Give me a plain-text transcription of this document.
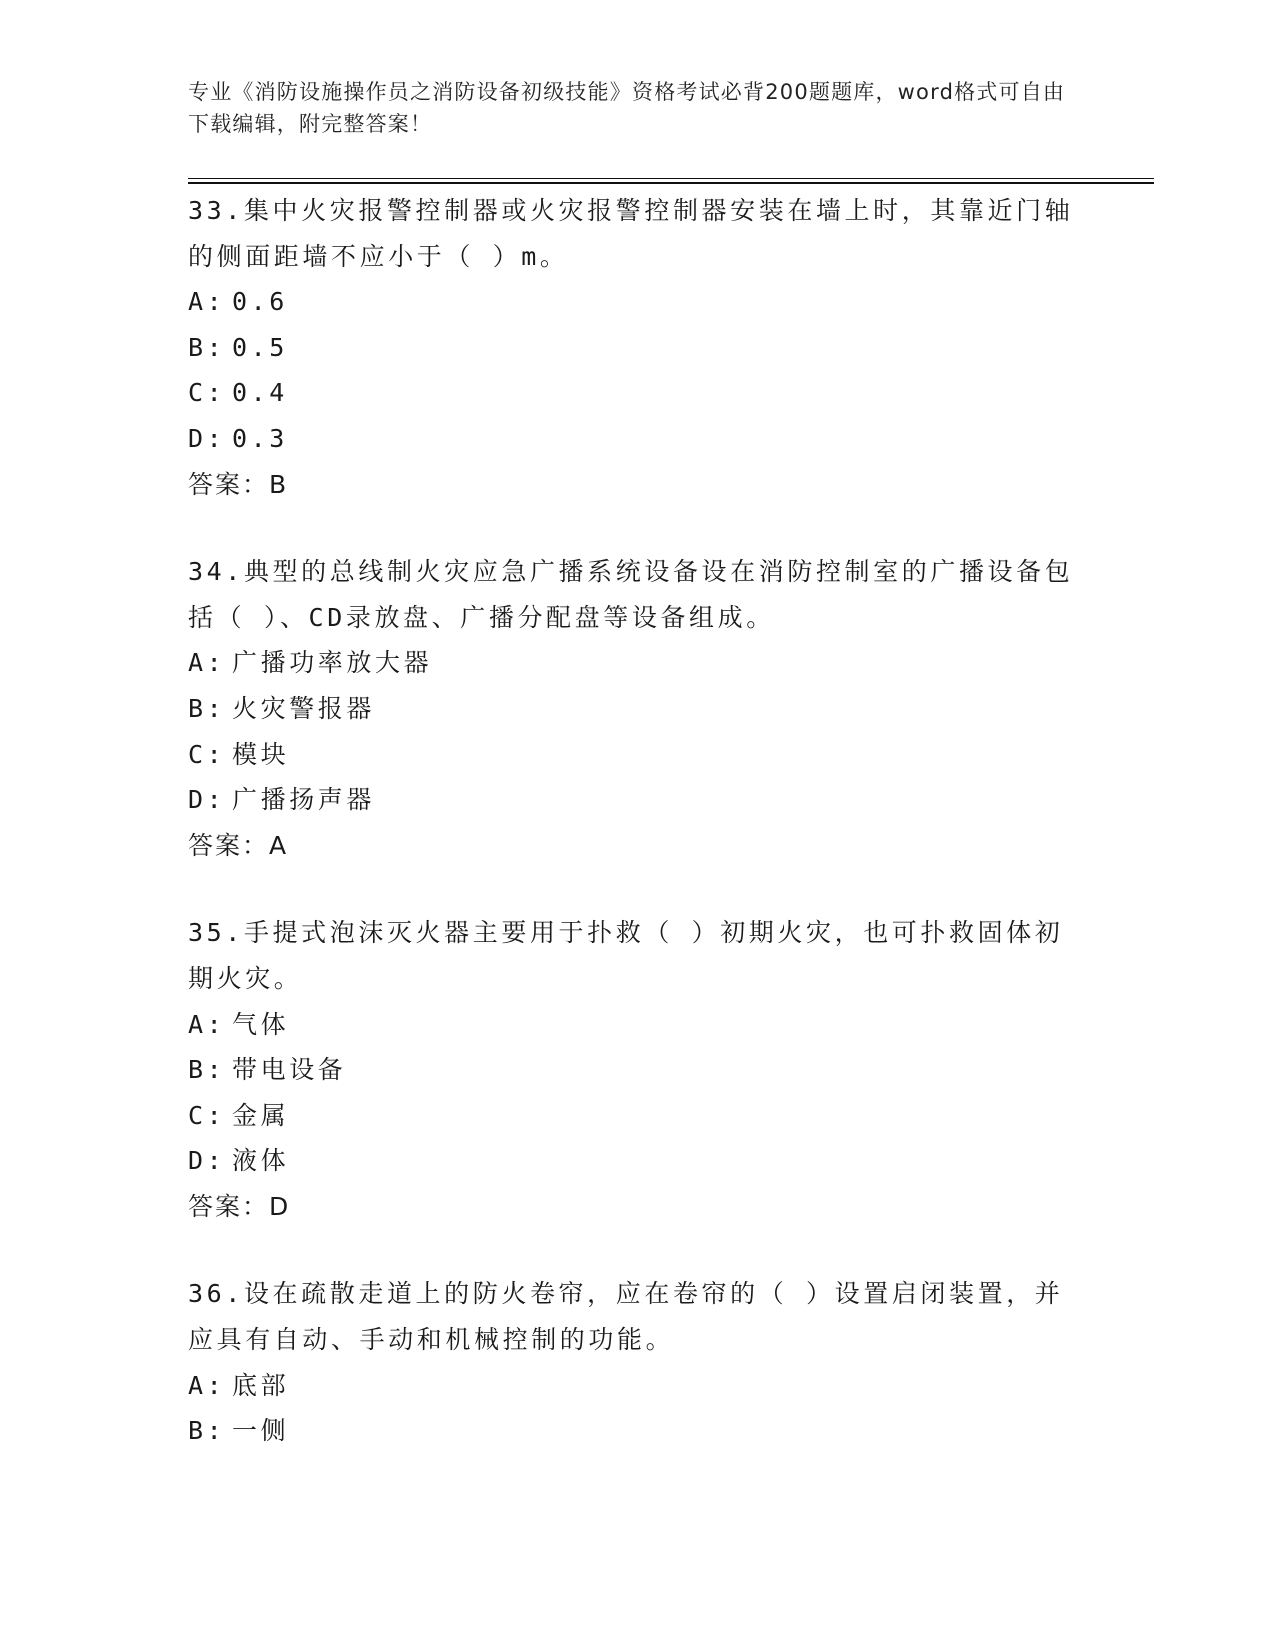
专业《消防设施操作员之消防设备初级技能》资格考试必背200题题库，word格式可自由下载编辑，附完整答案！

33.集中火灾报警控制器或火灾报警控制器安装在墙上时，其靠近门轴的侧面距墙不应小于（ ）m。

A: 0.6
B: 0.5
C: 0.4
D: 0.3
答案：B

34.典型的总线制火灾应急广播系统设备设在消防控制室的广播设备包括（ ）、CD录放盘、广播分配盘等设备组成。

A: 广播功率放大器
B: 火灾警报器
C: 模块
D: 广播扬声器
答案：A

35.手提式泡沫灭火器主要用于扑救（ ）初期火灾，也可扑救固体初期火灾。

A: 气体
B: 带电设备
C: 金属
D: 液体
答案：D

36.设在疏散走道上的防火卷帘，应在卷帘的（ ）设置启闭装置，并应具有自动、手动和机械控制的功能。

A: 底部
B: 一侧
